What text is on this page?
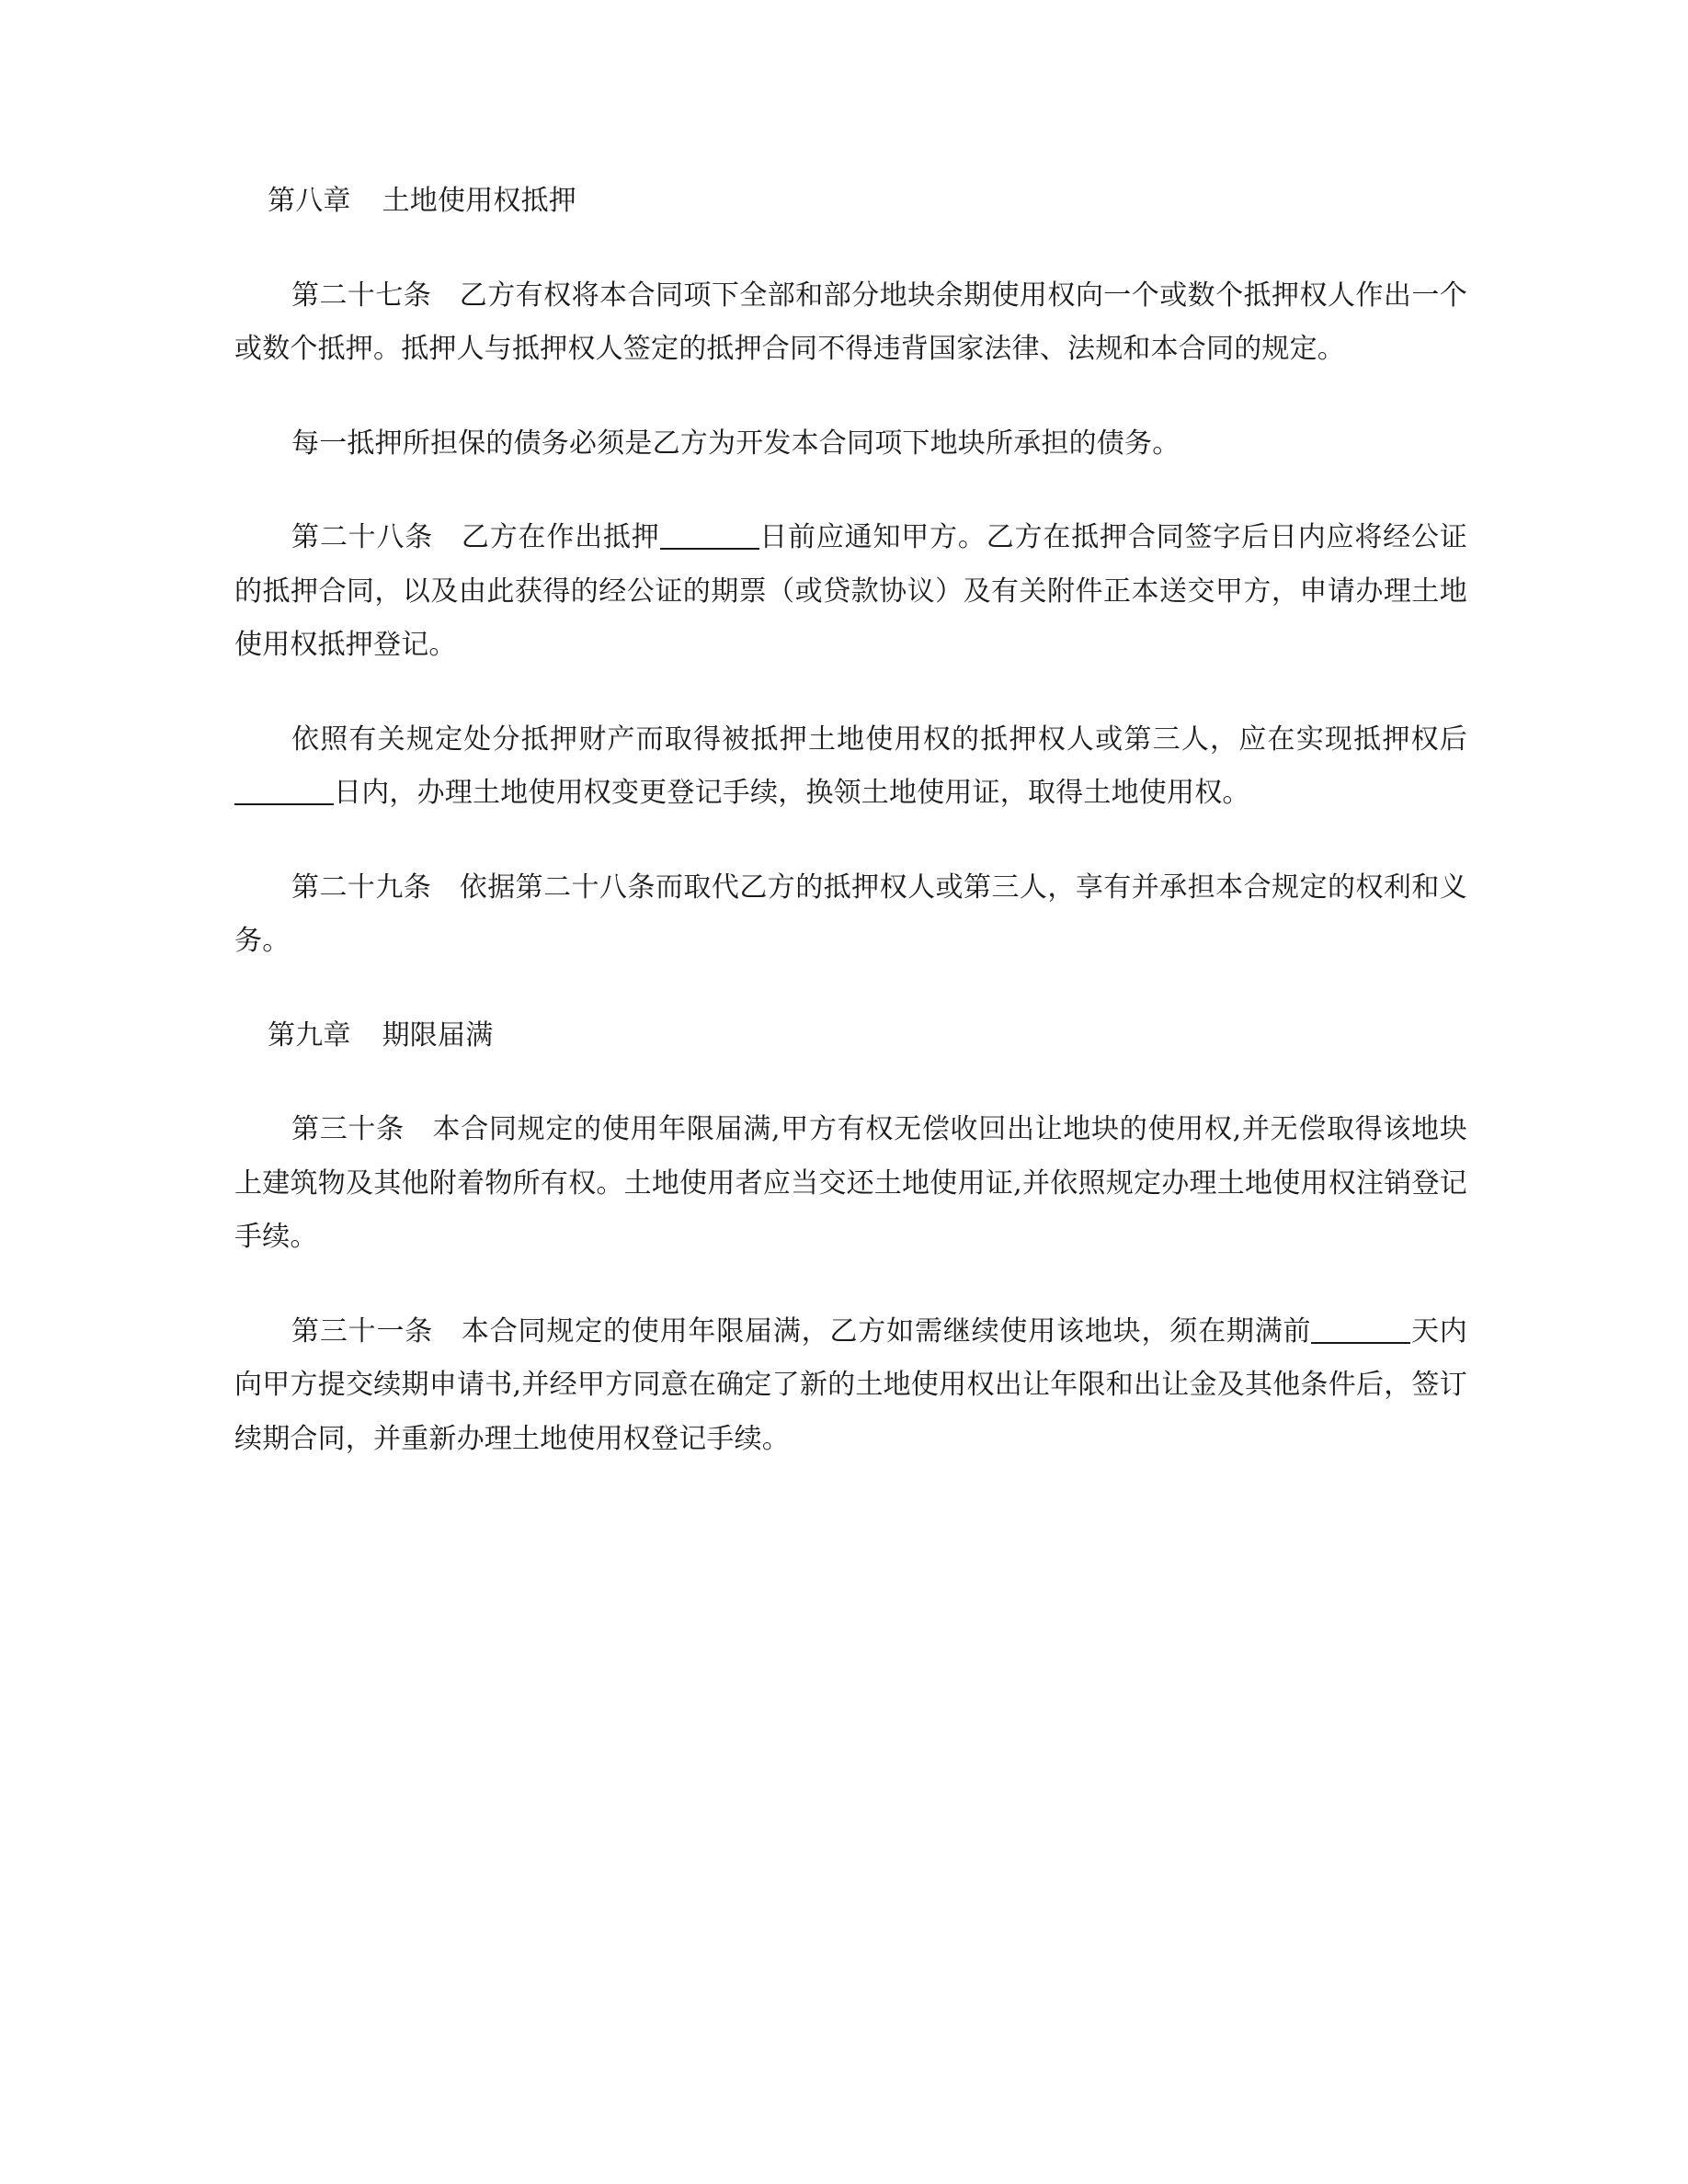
第八章 土地使用权抵押

第二十七条　乙方有权将本合同项下全部和部分地块余期使用权向一个或数个抵押权人作出一个或数个抵押。抵押人与抵押权人签定的抵押合同不得违背国家法律、法规和本合同的规定。

每一抵押所担保的债务必须是乙方为开发本合同项下地块所承担的债务。

第二十八条　乙方在作出抵押	日前应通知甲方。乙方在抵押合同签字后日内应将经公证的抵押合同，以及由此获得的经公证的期票（或贷款协议）及有关附件正本送交甲方，申请办理土地使用权抵押登记。

依照有关规定处分抵押财产而取得被抵押土地使用权的抵押权人或第三人，应在实现抵押权后日内，办理土地使用权变更登记手续，换领土地使用证，取得土地使用权。

第二十九条　依据第二十八条而取代乙方的抵押权人或第三人，享有并承担本合规定的权利和义务。

第九章 期限届满

第三十条　本合同规定的使用年限届满,甲方有权无偿收回出让地块的使用权,并无偿取得该地块上建筑物及其他附着物所有权。土地使用者应当交还土地使用证,并依照规定办理土地使用权注销登记手续。

第三十一条　本合同规定的使用年限届满，乙方如需继续使用该地块，须在期满前	天内向甲方提交续期申请书,并经甲方同意在确定了新的土地使用权出让年限和出让金及其他条件后，签订续期合同，并重新办理土地使用权登记手续。
